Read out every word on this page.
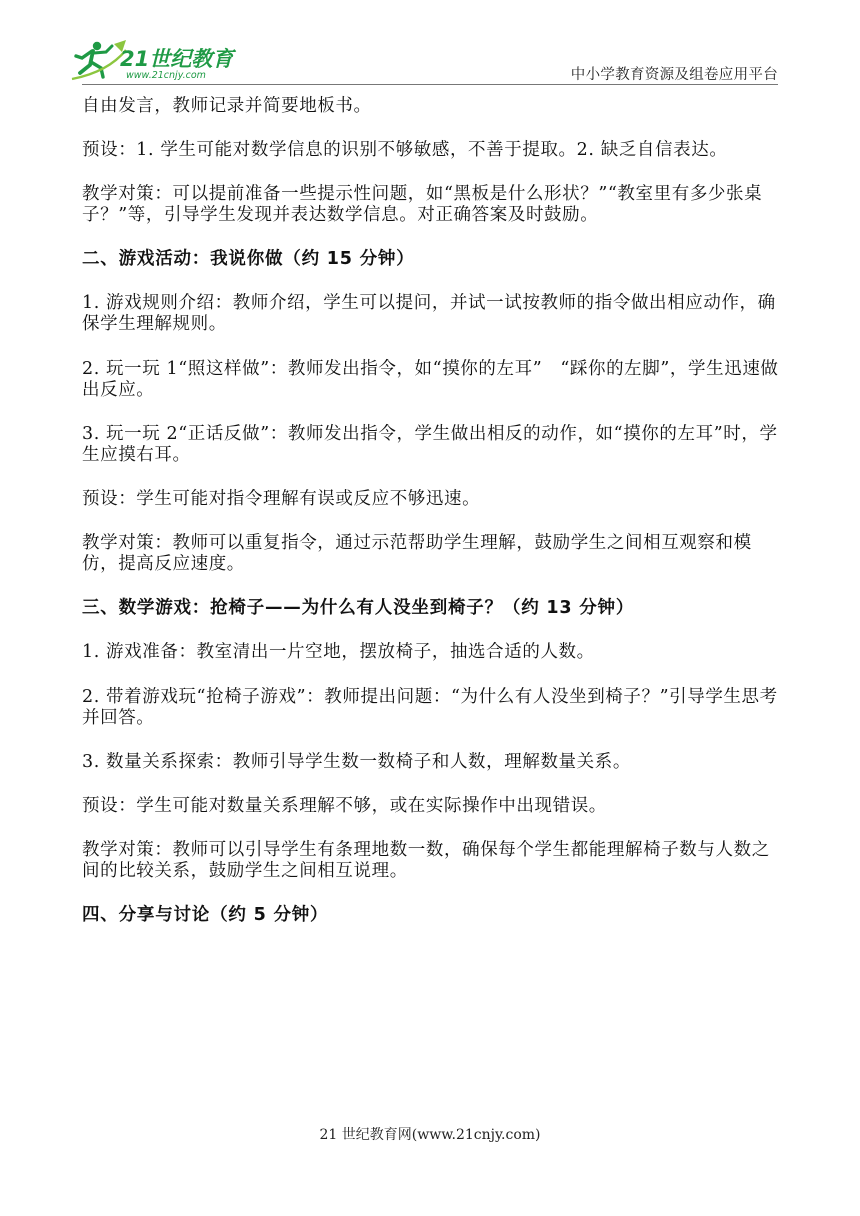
21世纪教育
www.21cnjy.com	中小学教育资源及组卷应用平台

自由发言，教师记录并简要地板书。

预设：1. 学生可能对数学信息的识别不够敏感，不善于提取。2. 缺乏自信表达。

教学对策：可以提前准备一些提示性问题，如“黑板是什么形状？”“教室里有多少张桌子？”等，引导学生发现并表达数学信息。对正确答案及时鼓励。

二、游戏活动：我说你做（约 15 分钟）

1. 游戏规则介绍：教师介绍，学生可以提问，并试一试按教师的指令做出相应动作，确保学生理解规则。

2. 玩一玩 1“照这样做”：教师发出指令，如“摸你的左耳”　“踩你的左脚”，学生迅速做出反应。

3. 玩一玩 2“正话反做”：教师发出指令，学生做出相反的动作，如“摸你的左耳”时，学生应摸右耳。

预设：学生可能对指令理解有误或反应不够迅速。

教学对策：教师可以重复指令，通过示范帮助学生理解，鼓励学生之间相互观察和模仿，提高反应速度。

三、数学游戏：抢椅子——为什么有人没坐到椅子？（约 13 分钟）

1. 游戏准备：教室清出一片空地，摆放椅子，抽选合适的人数。

2. 带着游戏玩“抢椅子游戏”：教师提出问题：“为什么有人没坐到椅子？”引导学生思考并回答。

3. 数量关系探索：教师引导学生数一数椅子和人数，理解数量关系。

预设：学生可能对数量关系理解不够，或在实际操作中出现错误。

教学对策：教师可以引导学生有条理地数一数，确保每个学生都能理解椅子数与人数之间的比较关系，鼓励学生之间相互说理。

四、分享与讨论（约 5 分钟）

21 世纪教育网(www.21cnjy.com)
